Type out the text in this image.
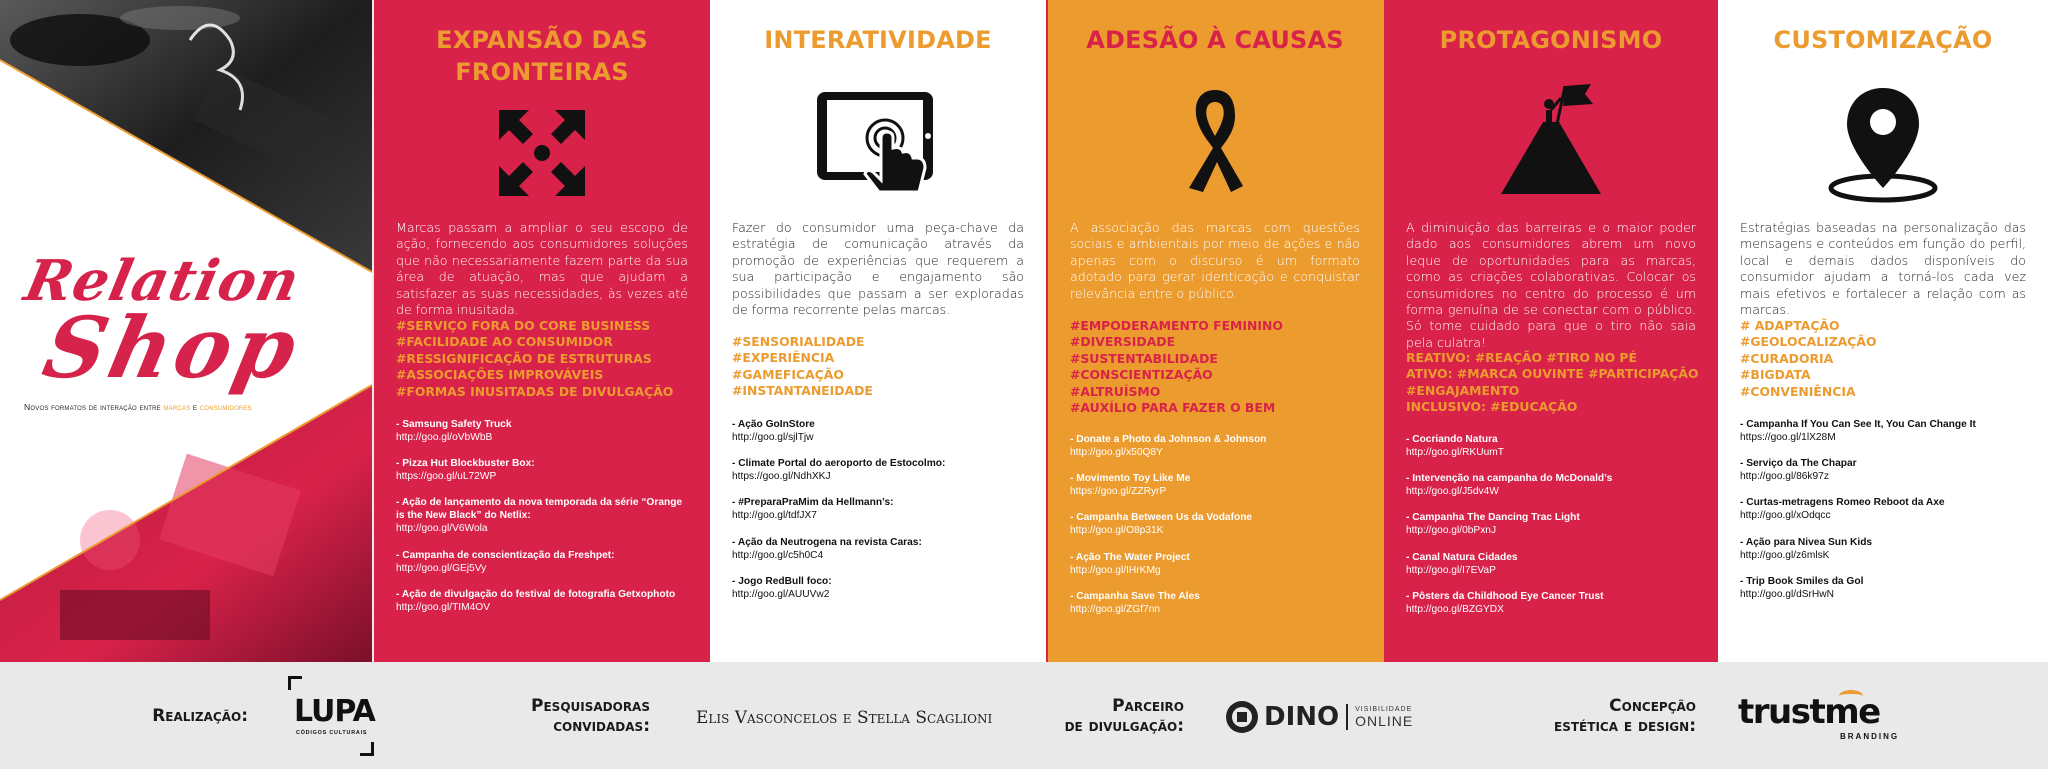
Relation
Shop
Novos formatos de interação entre marcas e consumidores
EXPANSÃO DAS FRONTEIRAS
Marcas passam a ampliar o seu escopo de ação, fornecendo aos consumidores soluções que não necessariamente fazem parte da sua área de atuação, mas que ajudam a satisfazer as suas necessidades, às vezes até de forma inusitada.
#SERVIÇO FORA DO CORE BUSINESS
#FACILIDADE AO CONSUMIDOR
#RESSIGNIFICAÇÃO DE ESTRUTURAS
#ASSOCIAÇÕES IMPROVÁVEIS
#FORMAS INUSITADAS DE DIVULGAÇÃO
- Samsung Safety Truck
http://goo.gl/oVbWbB
- Pizza Hut Blockbuster Box:
https://goo.gl/uL72WP
- Ação de lançamento da nova temporada da série “Orange is the New Black” do Netlix:
http://goo.gl/V6Wola
- Campanha de conscientização da Freshpet:
http://goo.gl/GEj5Vy
- Ação de divulgação do festival de fotografia Getxophoto
http://goo.gl/TIM4OV
INTERATIVIDADE
Fazer do consumidor uma peça-chave da estratégia de comunicação através da promoção de experiências que requerem a sua participação e engajamento são possibilidades que passam a ser exploradas de forma recorrente pelas marcas.
#SENSORIALIDADE
#EXPERIÊNCIA
#GAMEFICAÇÃO
#INSTANTANEIDADE
- Ação GoInStore
http://goo.gl/sjlTjw
- Climate Portal do aeroporto de Estocolmo:
https://goo.gl/NdhXKJ
- #PreparaPraMim da Hellmann’s:
http://goo.gl/tdfJX7
- Ação da Neutrogena na revista Caras:
http://goo.gl/c5h0C4
- Jogo RedBull foco:
http://goo.gl/AUUVw2
ADESÃO À CAUSAS
A associação das marcas com questões sociais e ambientais por meio de ações e não apenas com o discurso é um formato adotado para gerar identicação e conquistar relevância entre o público.
#EMPODERAMENTO FEMININO
#DIVERSIDADE
#SUSTENTABILIDADE
#CONSCIENTIZAÇÃO
#ALTRUÍSMO
#AUXÍLIO PARA FAZER O BEM
- Donate a Photo da Johnson & Johnson
http://goo.gl/x50Q8Y
- Movimento Toy Like Me
https://goo.gl/ZZRyrP
- Campanha Between Us da Vodafone
http://goo.gl/O8p31K
- Ação The Water Project
http://goo.gl/IHrKMg
- Campanha Save The Ales
http://goo.gl/ZGf7nn
PROTAGONISMO
A diminuição das barreiras e o maior poder dado aos consumidores abrem um novo leque de oportunidades para as marcas, como as criações colaborativas. Colocar os consumidores no centro do processo é um forma genuína de se conectar com o público. Só tome cuidado para que o tiro não saia pela culatra!
REATIVO: #REAÇÃO #TIRO NO PÉ
ATIVO: #MARCA OUVINTE #PARTICIPAÇÃO
#ENGAJAMENTO
INCLUSIVO: #EDUCAÇÃO
- Cocriando Natura
http://goo.gl/RKUumT
- Intervenção na campanha do McDonald’s
http://goo.gl/J5dv4W
- Campanha The Dancing Trac Light
http://goo.gl/0bPxnJ
- Canal Natura Cidades
http://goo.gl/I7EVaP
- Pôsters da Childhood Eye Cancer Trust
http://goo.gl/BZGYDX
CUSTOMIZAÇÃO
Estratégias baseadas na personalização das mensagens e conteúdos em função do perfil, local e demais dados disponíveis do consumidor ajudam a torná-los cada vez mais efetivos e fortalecer a relação com as marcas.
# ADAPTAÇÃO
#GEOLOCALIZAÇÃO
#CURADORIA
#BIGDATA
#CONVENIÊNCIA
- Campanha If You Can See It, You Can Change It
https://goo.gl/1lX28M
- Serviço da The Chapar
http://goo.gl/86k97z
- Curtas-metragens Romeo Reboot da Axe
http://goo.gl/xOdqcc
- Ação para Nivea Sun Kids
http://goo.gl/z6mlsK
- Trip Book Smiles da Gol
http://goo.gl/dSrHwN
Realização: LUPA
CÓDIGOS CULTURAIS
Pesquisadoras
convidadas:	Elis Vasconcelos e Stella Scaglioni
Parceiro
de divulgação:	DINO VISIBILIDADE
ONLINE
Concepção
estética e design: trustme
BRANDING
